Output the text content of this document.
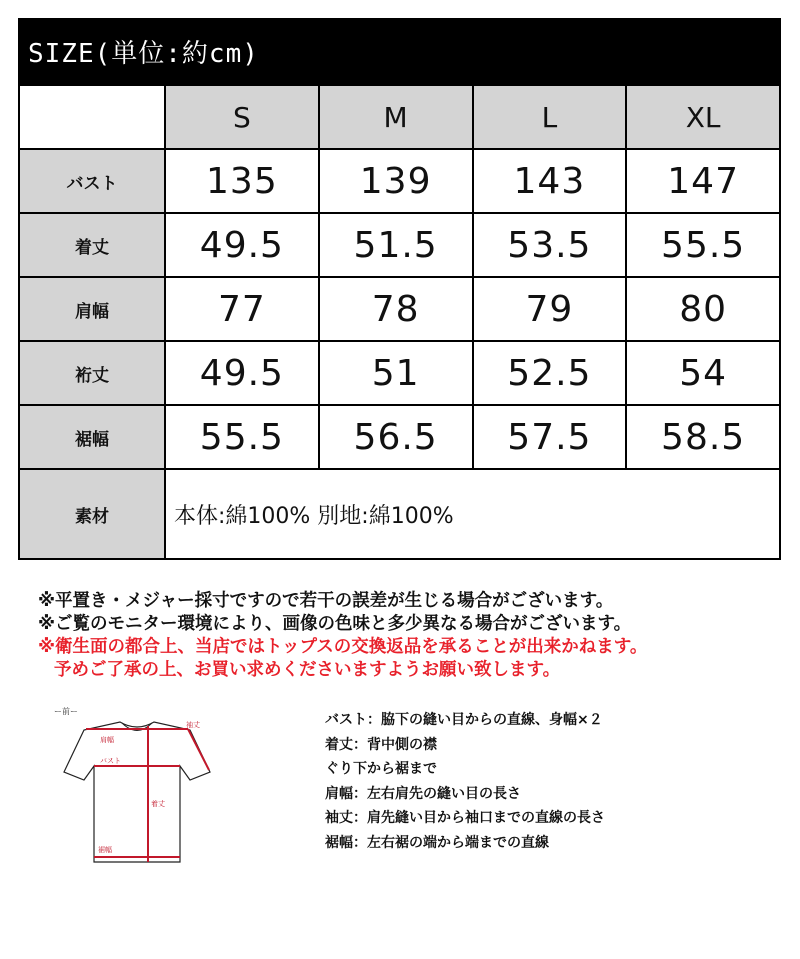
SIZE(単位:約cm)
	S	M	L	XL
バスト	135	139	143	147
着丈	49.5	51.5	53.5	55.5
肩幅	77	78	79	80
裄丈	49.5	51	52.5	54
裾幅	55.5	56.5	57.5	58.5
素材	本体:綿100% 別地:綿100%			
※平置き・メジャー採寸ですので若干の誤差が生じる場合がございます。
※ご覧のモニター環境により、画像の色味と多少異なる場合がございます。
※衛生面の都合上、当店ではトップスの交換返品を承ることが出来かねます。
予めご了承の上、お買い求めくださいますようお願い致します。
ー前ー
肩幅
袖丈
バスト
着丈
裾幅
バスト：脇下の縫い目からの直線、身幅×２
着丈：背中側の襟
ぐり下から裾まで
肩幅：左右肩先の縫い目の長さ
袖丈：肩先縫い目から袖口までの直線の長さ
裾幅：左右裾の端から端までの直線
